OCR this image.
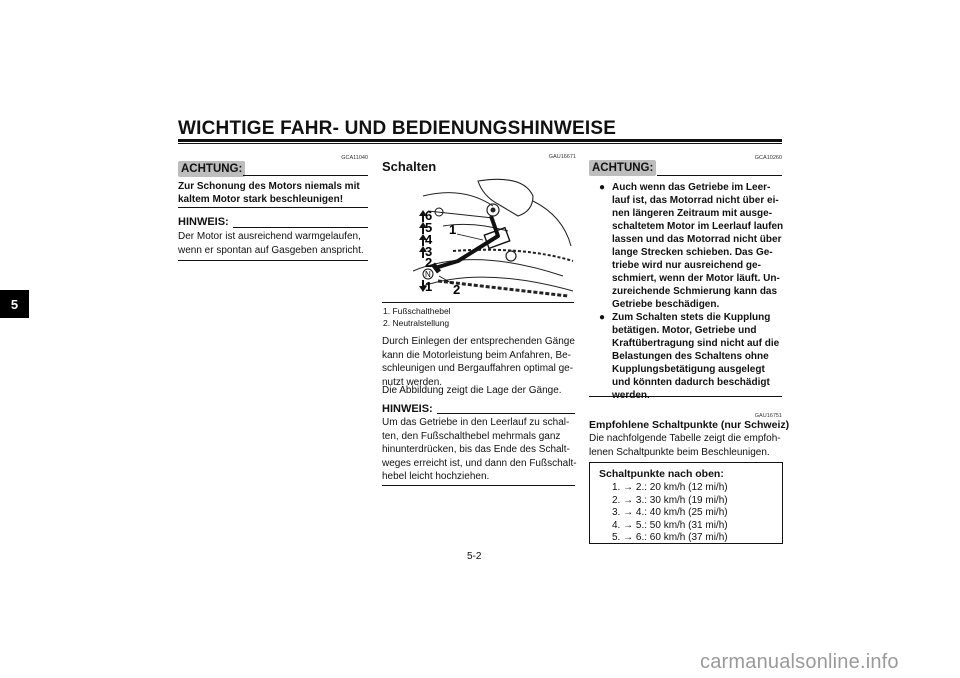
WICHTIGE FAHR- UND BEDIENUNGSHINWEISE
5
GCA11040
ACHTUNG:
Zur Schonung des Motors niemals mit kaltem Motor stark beschleunigen!
HINWEIS:
Der Motor ist ausreichend warmgelaufen, wenn er spontan auf Gasgeben anspricht.
GAU16671
Schalten
6
5
4
3
2
N
1
1
2
1. Fußschalthebel
2. Neutralstellung
Durch Einlegen der entsprechenden Gänge kann die Motorleistung beim Anfahren, Be-schleunigen und Bergauffahren optimal ge-nutzt werden.
Die Abbildung zeigt die Lage der Gänge.
HINWEIS:
Um das Getriebe in den Leerlauf zu schal-ten, den Fußschalthebel mehrmals ganz hinunterdrücken, bis das Ende des Schalt-weges erreicht ist, und dann den Fußschalt-hebel leicht hochziehen.
GCA10260
ACHTUNG:
● Auch wenn das Getriebe im Leer-lauf ist, das Motorrad nicht über ei-nen längeren Zeitraum mit ausge-schaltetem Motor im Leerlauf laufen lassen und das Motorrad nicht über lange Strecken schieben. Das Ge-triebe wird nur ausreichend ge-schmiert, wenn der Motor läuft. Un-zureichende Schmierung kann das Getriebe beschädigen.
● Zum Schalten stets die Kupplung betätigen. Motor, Getriebe und Kraftübertragung sind nicht auf die Belastungen des Schaltens ohne Kupplungsbetätigung ausgelegt und könnten dadurch beschädigt
GAU16751
Empfohlene Schaltpunkte (nur Schweiz)
Die nachfolgende Tabelle zeigt die empfoh-lenen Schaltpunkte beim Beschleunigen.
Schaltpunkte nach oben:
1. → 2.: 20 km/h (12 mi/h)
2. → 3.: 30 km/h (19 mi/h)
3. → 4.: 40 km/h (25 mi/h)
4. → 5.: 50 km/h (31 mi/h)
5. → 6.: 60 km/h (37 mi/h)
5-2
carmanualsonline.info
